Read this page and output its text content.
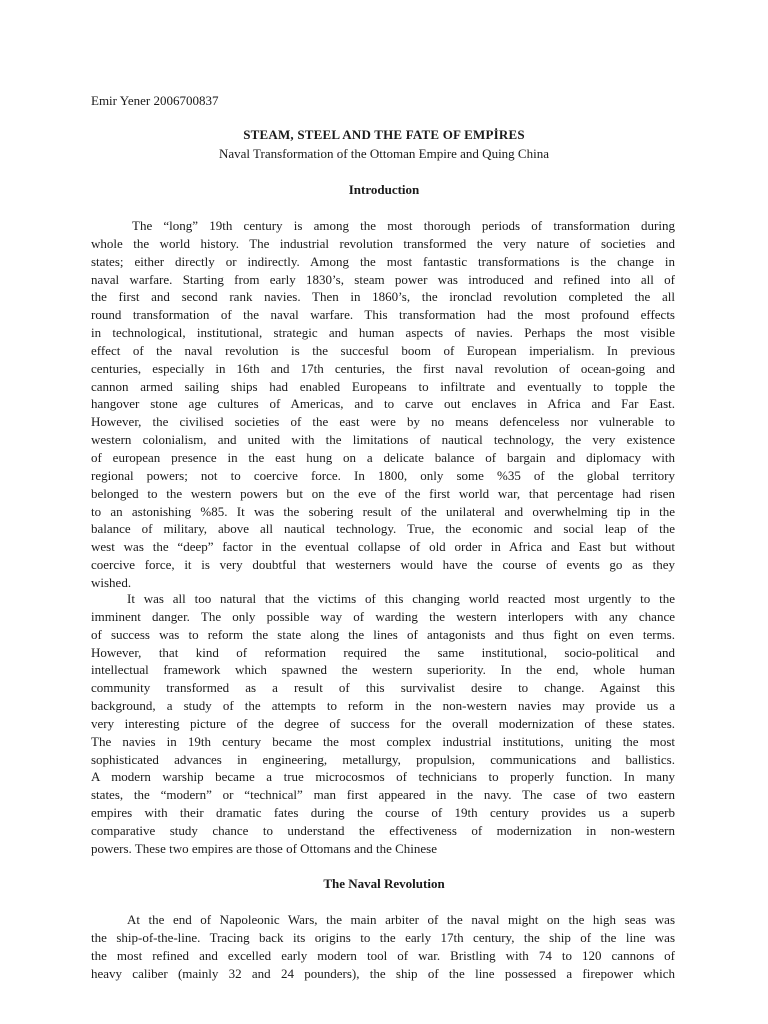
Emir Yener 2006700837
STEAM, STEEL AND THE FATE OF EMPİRES
Naval Transformation of the Ottoman Empire and Quing China
Introduction
The “long” 19th century is among the most thorough periods of transformation during
whole the world history. The industrial revolution transformed the very nature of societies and
states; either directly or indirectly. Among the most fantastic transformations is the change in
naval warfare. Starting from early 1830’s, steam power was introduced and refined into all of
the first and second rank navies. Then in 1860’s, the ironclad revolution completed the all
round transformation of the naval warfare. This transformation had the most profound effects
in technological, institutional, strategic and human aspects of navies. Perhaps the most visible
effect of the naval revolution is the succesful boom of European imperialism. In previous
centuries, especially in 16th and 17th centuries, the first naval revolution of ocean-going and
cannon armed sailing ships had enabled Europeans to infiltrate and eventually to topple the
hangover stone age cultures of Americas, and to carve out enclaves in Africa and Far East.
However, the civilised societies of the east were by no means defenceless nor vulnerable to
western colonialism, and united with the limitations of nautical technology, the very existence
of european presence in the east hung on a delicate balance of bargain and diplomacy with
regional powers; not to coercive force. In 1800, only some %35 of the global territory
belonged to the western powers but on the eve of the first world war, that percentage had risen
to an astonishing %85. It was the sobering result of the unilateral and overwhelming tip in the
balance of military, above all nautical technology. True, the economic and social leap of the
west was the “deep” factor in the eventual collapse of old order in Africa and East but without
coercive force, it is very doubtful that westerners would have the course of events go as they
wished.
It was all too natural that the victims of this changing world reacted most urgently to the
imminent danger. The only possible way of warding the western interlopers with any chance
of success was to reform the state along the lines of antagonists and thus fight on even terms.
However, that kind of reformation required the same institutional, socio-political and
intellectual framework which spawned the western superiority. In the end, whole human
community transformed as a result of this survivalist desire to change. Against this
background, a study of the attempts to reform in the non-western navies may provide us a
very interesting picture of the degree of success for the overall modernization of these states.
The navies in 19th century became the most complex industrial institutions, uniting the most
sophisticated advances in engineering, metallurgy, propulsion, communications and ballistics.
A modern warship became a true microcosmos of technicians to properly function. In many
states, the “modern” or “technical” man first appeared in the navy. The case of two eastern
empires with their dramatic fates during the course of 19th century provides us a superb
comparative study chance to understand the effectiveness of modernization in non-western
powers. These two empires are those of Ottomans and the Chinese
The Naval Revolution
At the end of Napoleonic Wars, the main arbiter of the naval might on the high seas was
the ship-of-the-line. Tracing back its origins to the early 17th century, the ship of the line was
the most refined and excelled early modern tool of war. Bristling with 74 to 120 cannons of
heavy caliber (mainly 32 and 24 pounders), the ship of the line possessed a firepower which
